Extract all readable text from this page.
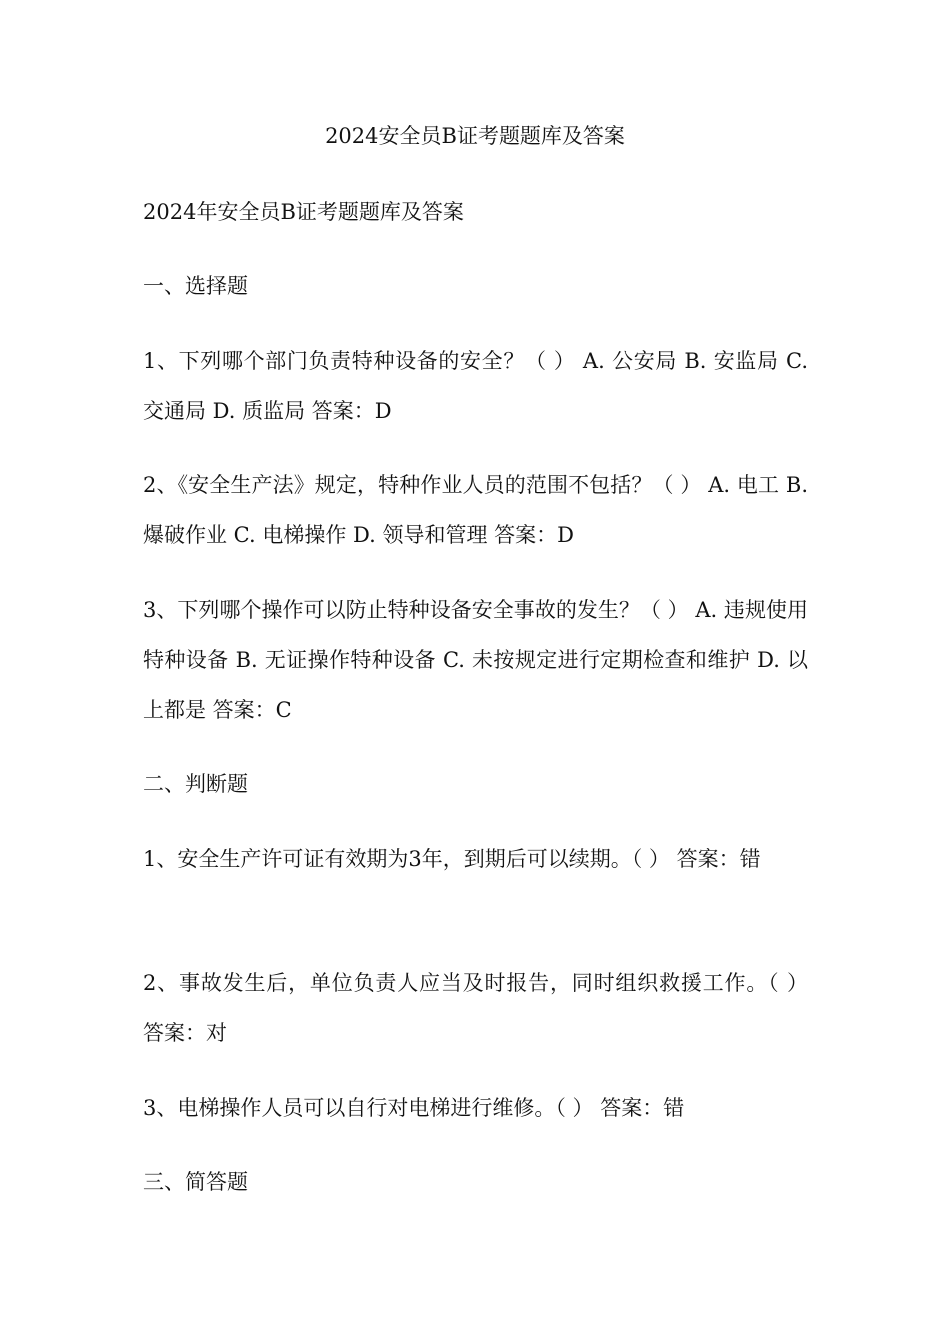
2024安全员B证考题题库及答案
2024年安全员B证考题题库及答案
一、选择题
1、下列哪个部门负责特种设备的安全？（ ） A. 公安局 B. 安监局 C. 交通局 D. 质监局 答案：D
2、《安全生产法》规定，特种作业人员的范围不包括？（ ） A. 电工 B. 爆破作业 C. 电梯操作 D. 领导和管理 答案：D
3、下列哪个操作可以防止特种设备安全事故的发生？（ ） A. 违规使用特种设备 B. 无证操作特种设备 C. 未按规定进行定期检查和维护 D. 以上都是 答案：C
二、判断题
1、安全生产许可证有效期为3年，到期后可以续期。（ ） 答案：错
2、事故发生后，单位负责人应当及时报告，同时组织救援工作。（ ） 答案：对
3、电梯操作人员可以自行对电梯进行维修。（ ） 答案：错
三、简答题
